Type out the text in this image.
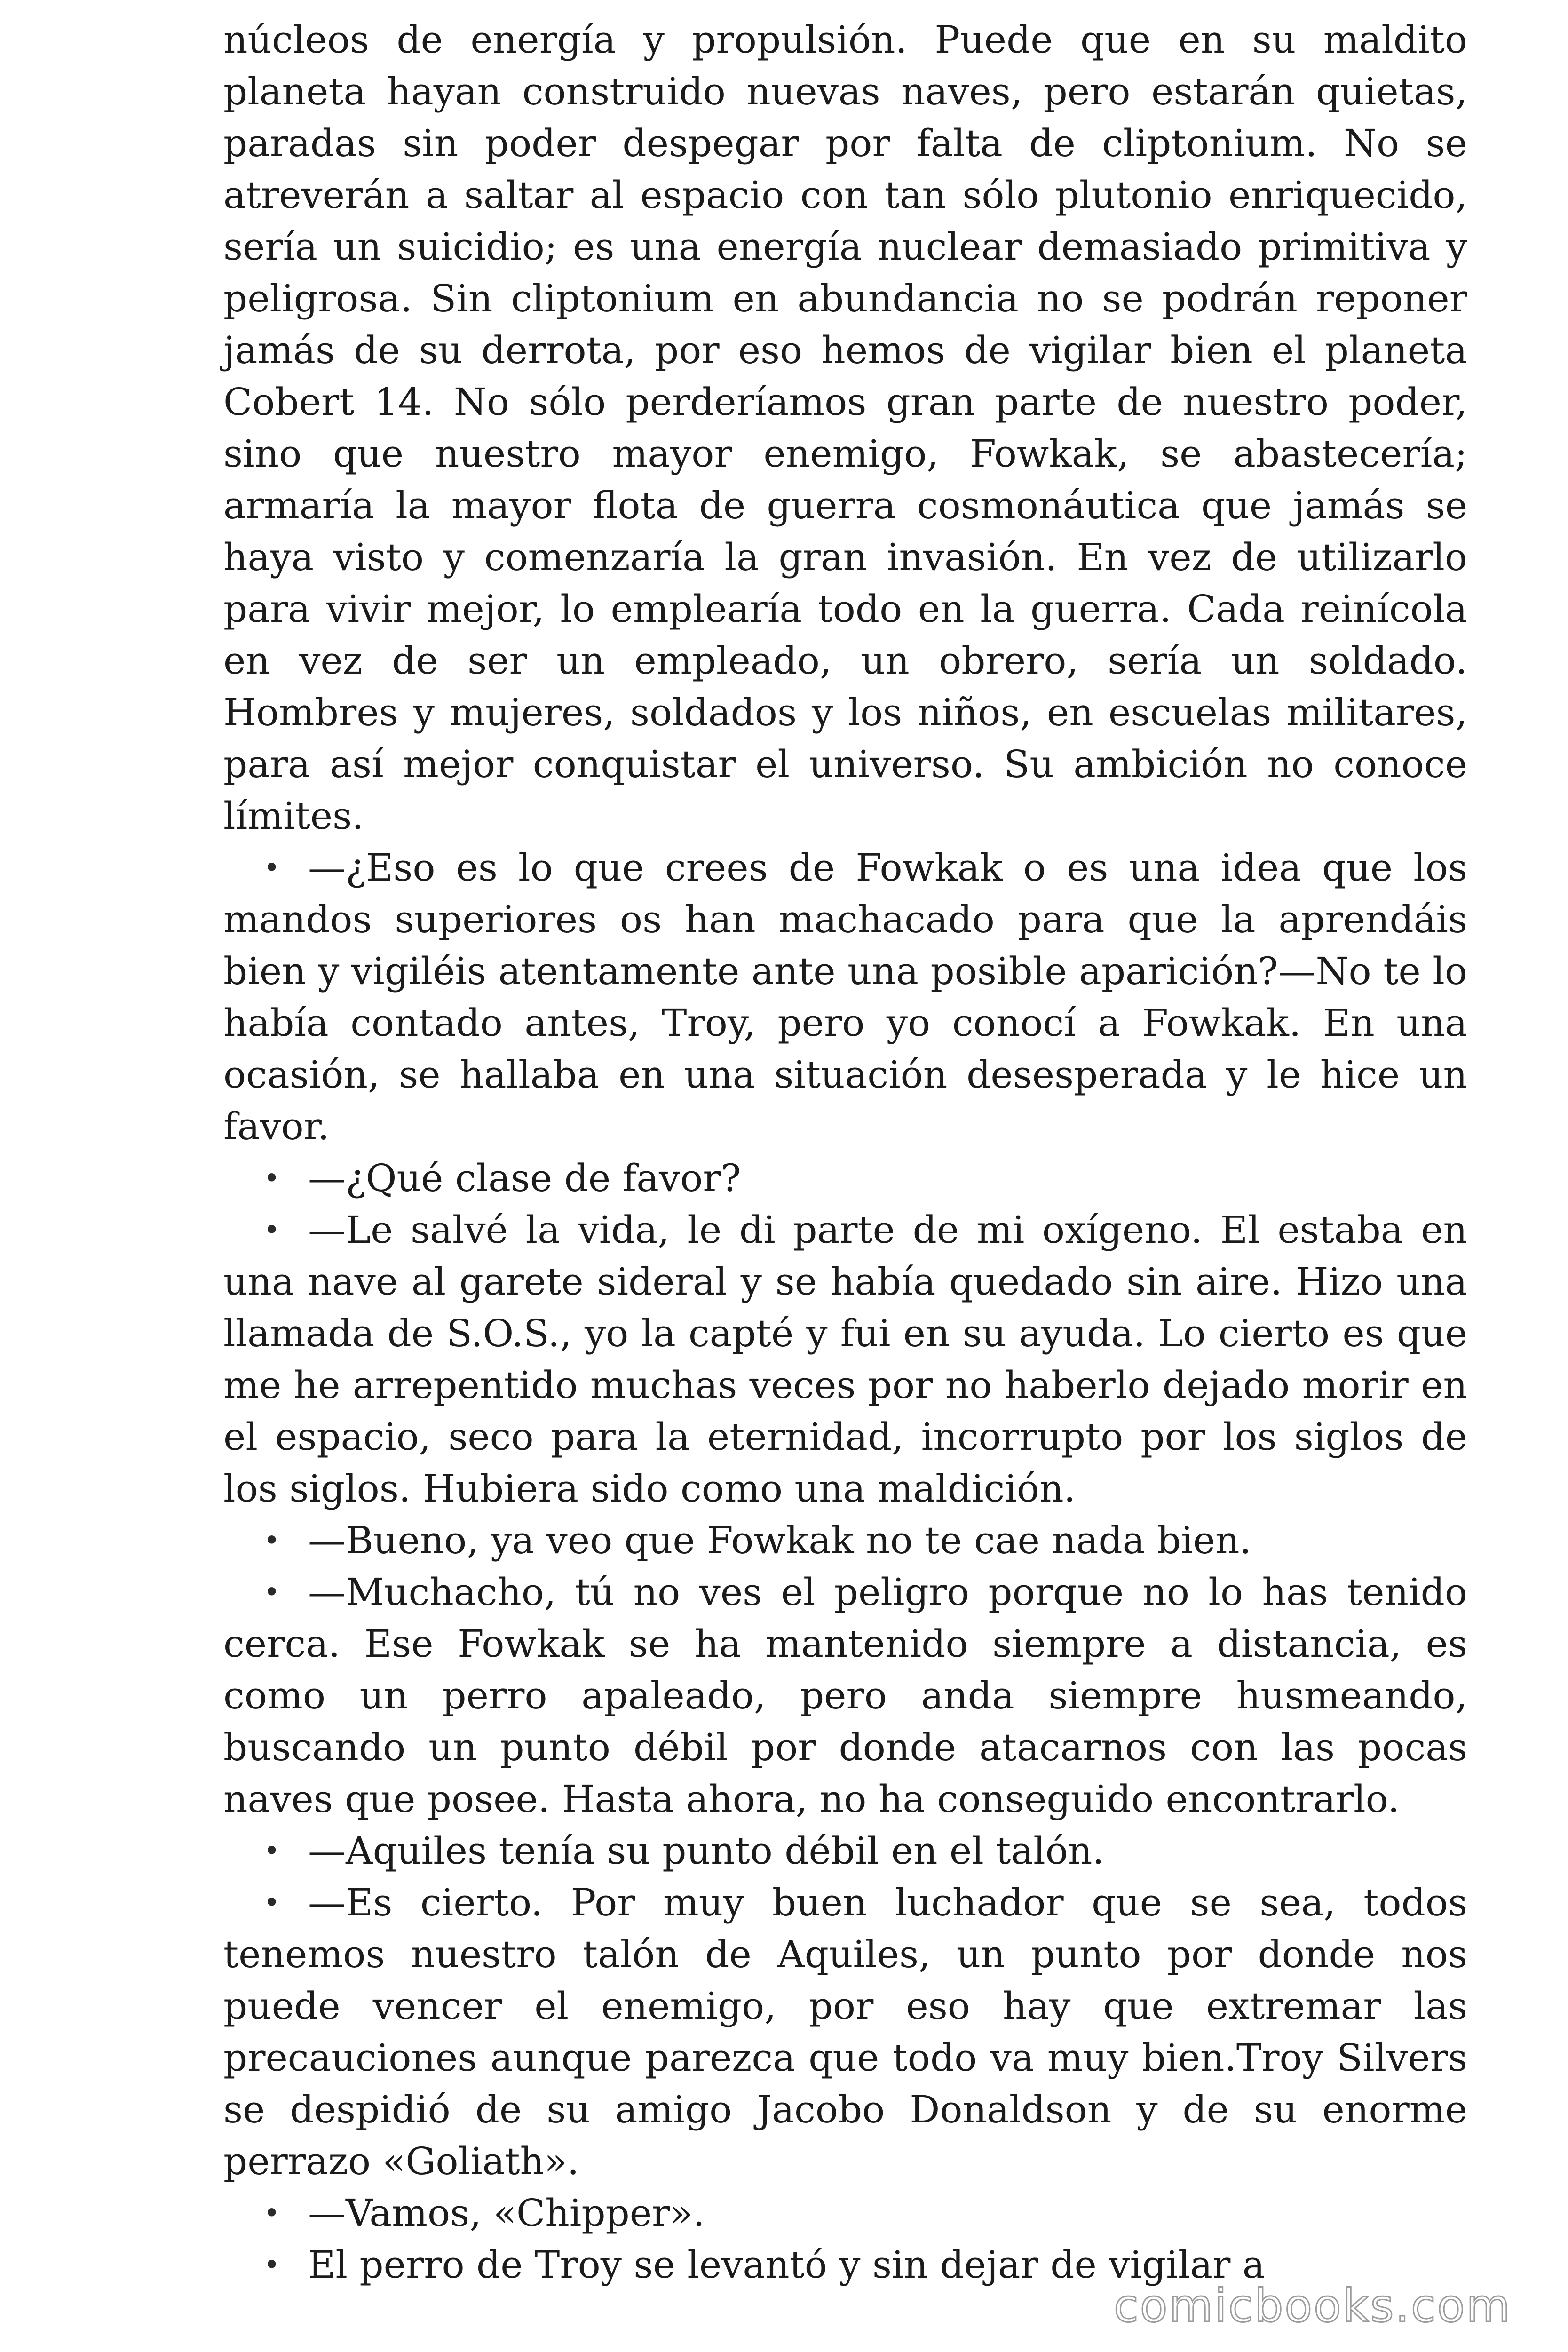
núcleos de energía y propulsión. Puede que en su maldito planeta hayan construido nuevas naves, pero estarán quietas, paradas sin poder despegar por falta de cliptonium. No se atreverán a saltar al espacio con tan sólo plutonio enriquecido, sería un suicidio; es una energía nuclear demasiado primitiva y peligrosa. Sin cliptonium en abundancia no se podrán reponer jamás de su derrota, por eso hemos de vigilar bien el planeta Cobert 14. No sólo perderíamos gran parte de nuestro poder, sino que nuestro mayor enemigo, Fowkak, se abastecería; armaría la mayor flota de guerra cosmonáutica que jamás se haya visto y comenzaría la gran invasión. En vez de utilizarlo para vivir mejor, lo emplearía todo en la guerra. Cada reinícola en vez de ser un empleado, un obrero, sería un soldado. Hombres y mujeres, soldados y los niños, en escuelas militares, para así mejor conquistar el universo. Su ambición no conoce límites.

• —¿Eso es lo que crees de Fowkak o es una idea que los mandos superiores os han machacado para que la aprendáis bien y vigiléis atentamente ante una posible aparición?—No te lo había contado antes, Troy, pero yo conocí a Fowkak. En una ocasión, se hallaba en una situación desesperada y le hice un favor.

• —¿Qué clase de favor?

• —Le salvé la vida, le di parte de mi oxígeno. El estaba en una nave al garete sideral y se había quedado sin aire. Hizo una llamada de S.O.S., yo la capté y fui en su ayuda. Lo cierto es que me he arrepentido muchas veces por no haberlo dejado morir en el espacio, seco para la eternidad, incorrupto por los siglos de los siglos. Hubiera sido como una maldición.

• —Bueno, ya veo que Fowkak no te cae nada bien.

• —Muchacho, tú no ves el peligro porque no lo has tenido cerca. Ese Fowkak se ha mantenido siempre a distancia, es como un perro apaleado, pero anda siempre husmeando, buscando un punto débil por donde atacarnos con las pocas naves que posee. Hasta ahora, no ha conseguido encontrarlo.

• —Aquiles tenía su punto débil en el talón.

• —Es cierto. Por muy buen luchador que se sea, todos tenemos nuestro talón de Aquiles, un punto por donde nos puede vencer el enemigo, por eso hay que extremar las precauciones aunque parezca que todo va muy bien.Troy Silvers se despidió de su amigo Jacobo Donaldson y de su enorme perrazo «Goliath».

• —Vamos, «Chipper».

• El perro de Troy se levantó y sin dejar de vigilar a

comicbooks.com
